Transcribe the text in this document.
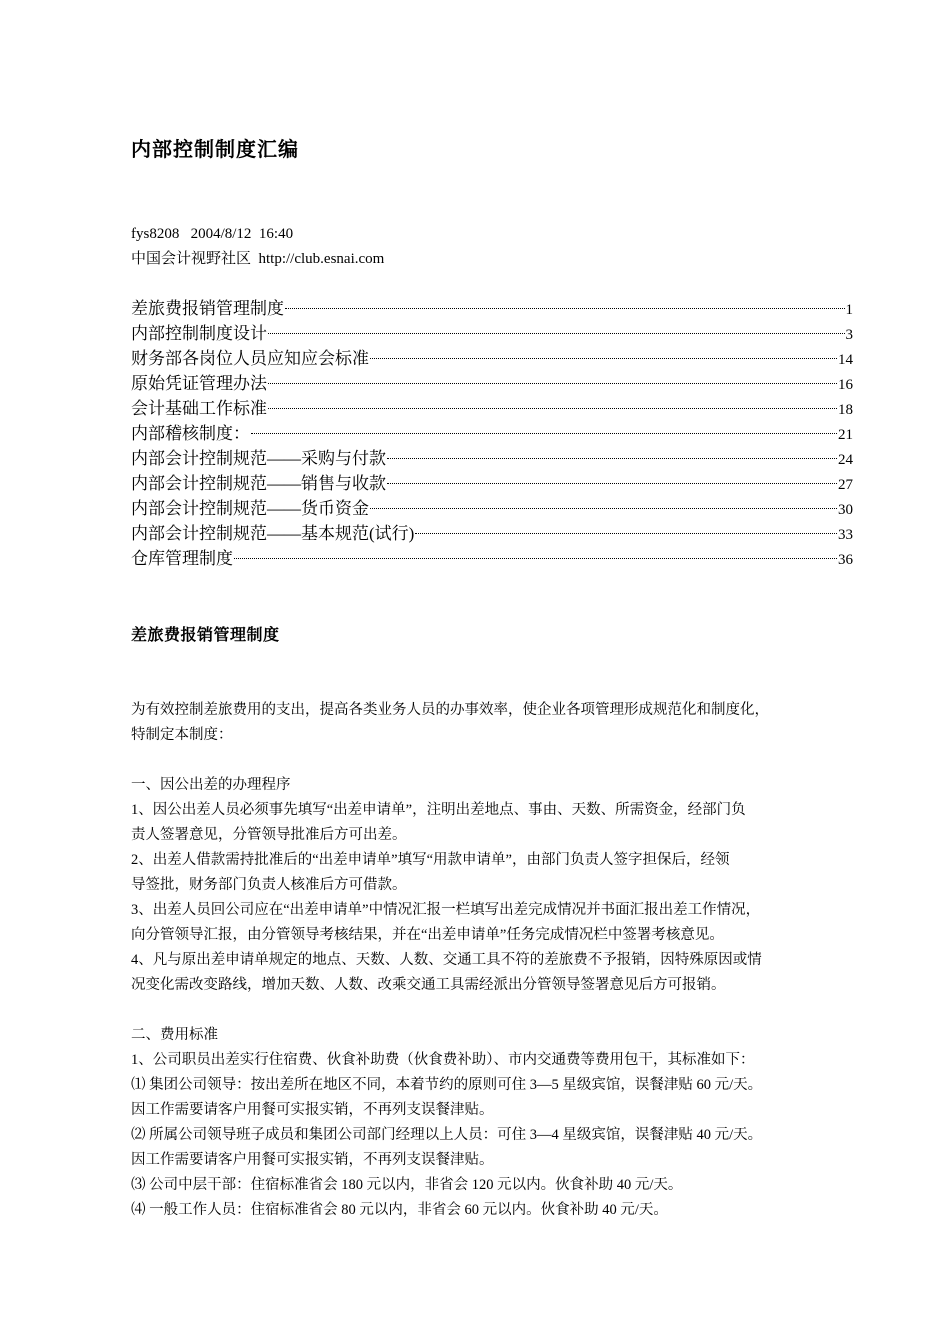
内部控制制度汇编
fys8208   2004/8/12  16:40
中国会计视野社区  http://club.esnai.com
差旅费报销管理制度	1
内部控制制度设计	3
财务部各岗位人员应知应会标准	14
原始凭证管理办法	16
会计基础工作标准	18
内部稽核制度：	21
内部会计控制规范——采购与付款	24
内部会计控制规范——销售与收款	27
内部会计控制规范——货币资金	30
内部会计控制规范——基本规范(试行)	33
仓库管理制度	36
差旅费报销管理制度

为有效控制差旅费用的支出，提高各类业务人员的办事效率，使企业各项管理形成规范化和制度化，

特制定本制度：

一、因公出差的办理程序

1、因公出差人员必须事先填写“出差申请单”，注明出差地点、事由、天数、所需资金，经部门负

责人签署意见，分管领导批准后方可出差。

2、出差人借款需持批准后的“出差申请单”填写“用款申请单”，由部门负责人签字担保后，经领

导签批，财务部门负责人核准后方可借款。

3、出差人员回公司应在“出差申请单”中情况汇报一栏填写出差完成情况并书面汇报出差工作情况，

向分管领导汇报，由分管领导考核结果，并在“出差申请单”任务完成情况栏中签署考核意见。

4、凡与原出差申请单规定的地点、天数、人数、交通工具不符的差旅费不予报销，因特殊原因或情

况变化需改变路线，增加天数、人数、改乘交通工具需经派出分管领导签署意见后方可报销。

二、费用标准

1、公司职员出差实行住宿费、伙食补助费（伙食费补助）、市内交通费等费用包干，其标准如下：

⑴ 集团公司领导：按出差所在地区不同，本着节约的原则可住 3—5 星级宾馆，误餐津贴 60 元/天。

因工作需要请客户用餐可实报实销，不再列支误餐津贴。

⑵ 所属公司领导班子成员和集团公司部门经理以上人员：可住 3—4 星级宾馆，误餐津贴 40 元/天。

因工作需要请客户用餐可实报实销，不再列支误餐津贴。

⑶ 公司中层干部：住宿标准省会 180 元以内，非省会 120 元以内。伙食补助 40 元/天。

⑷ 一般工作人员：住宿标准省会 80 元以内，非省会 60 元以内。伙食补助 40 元/天。
